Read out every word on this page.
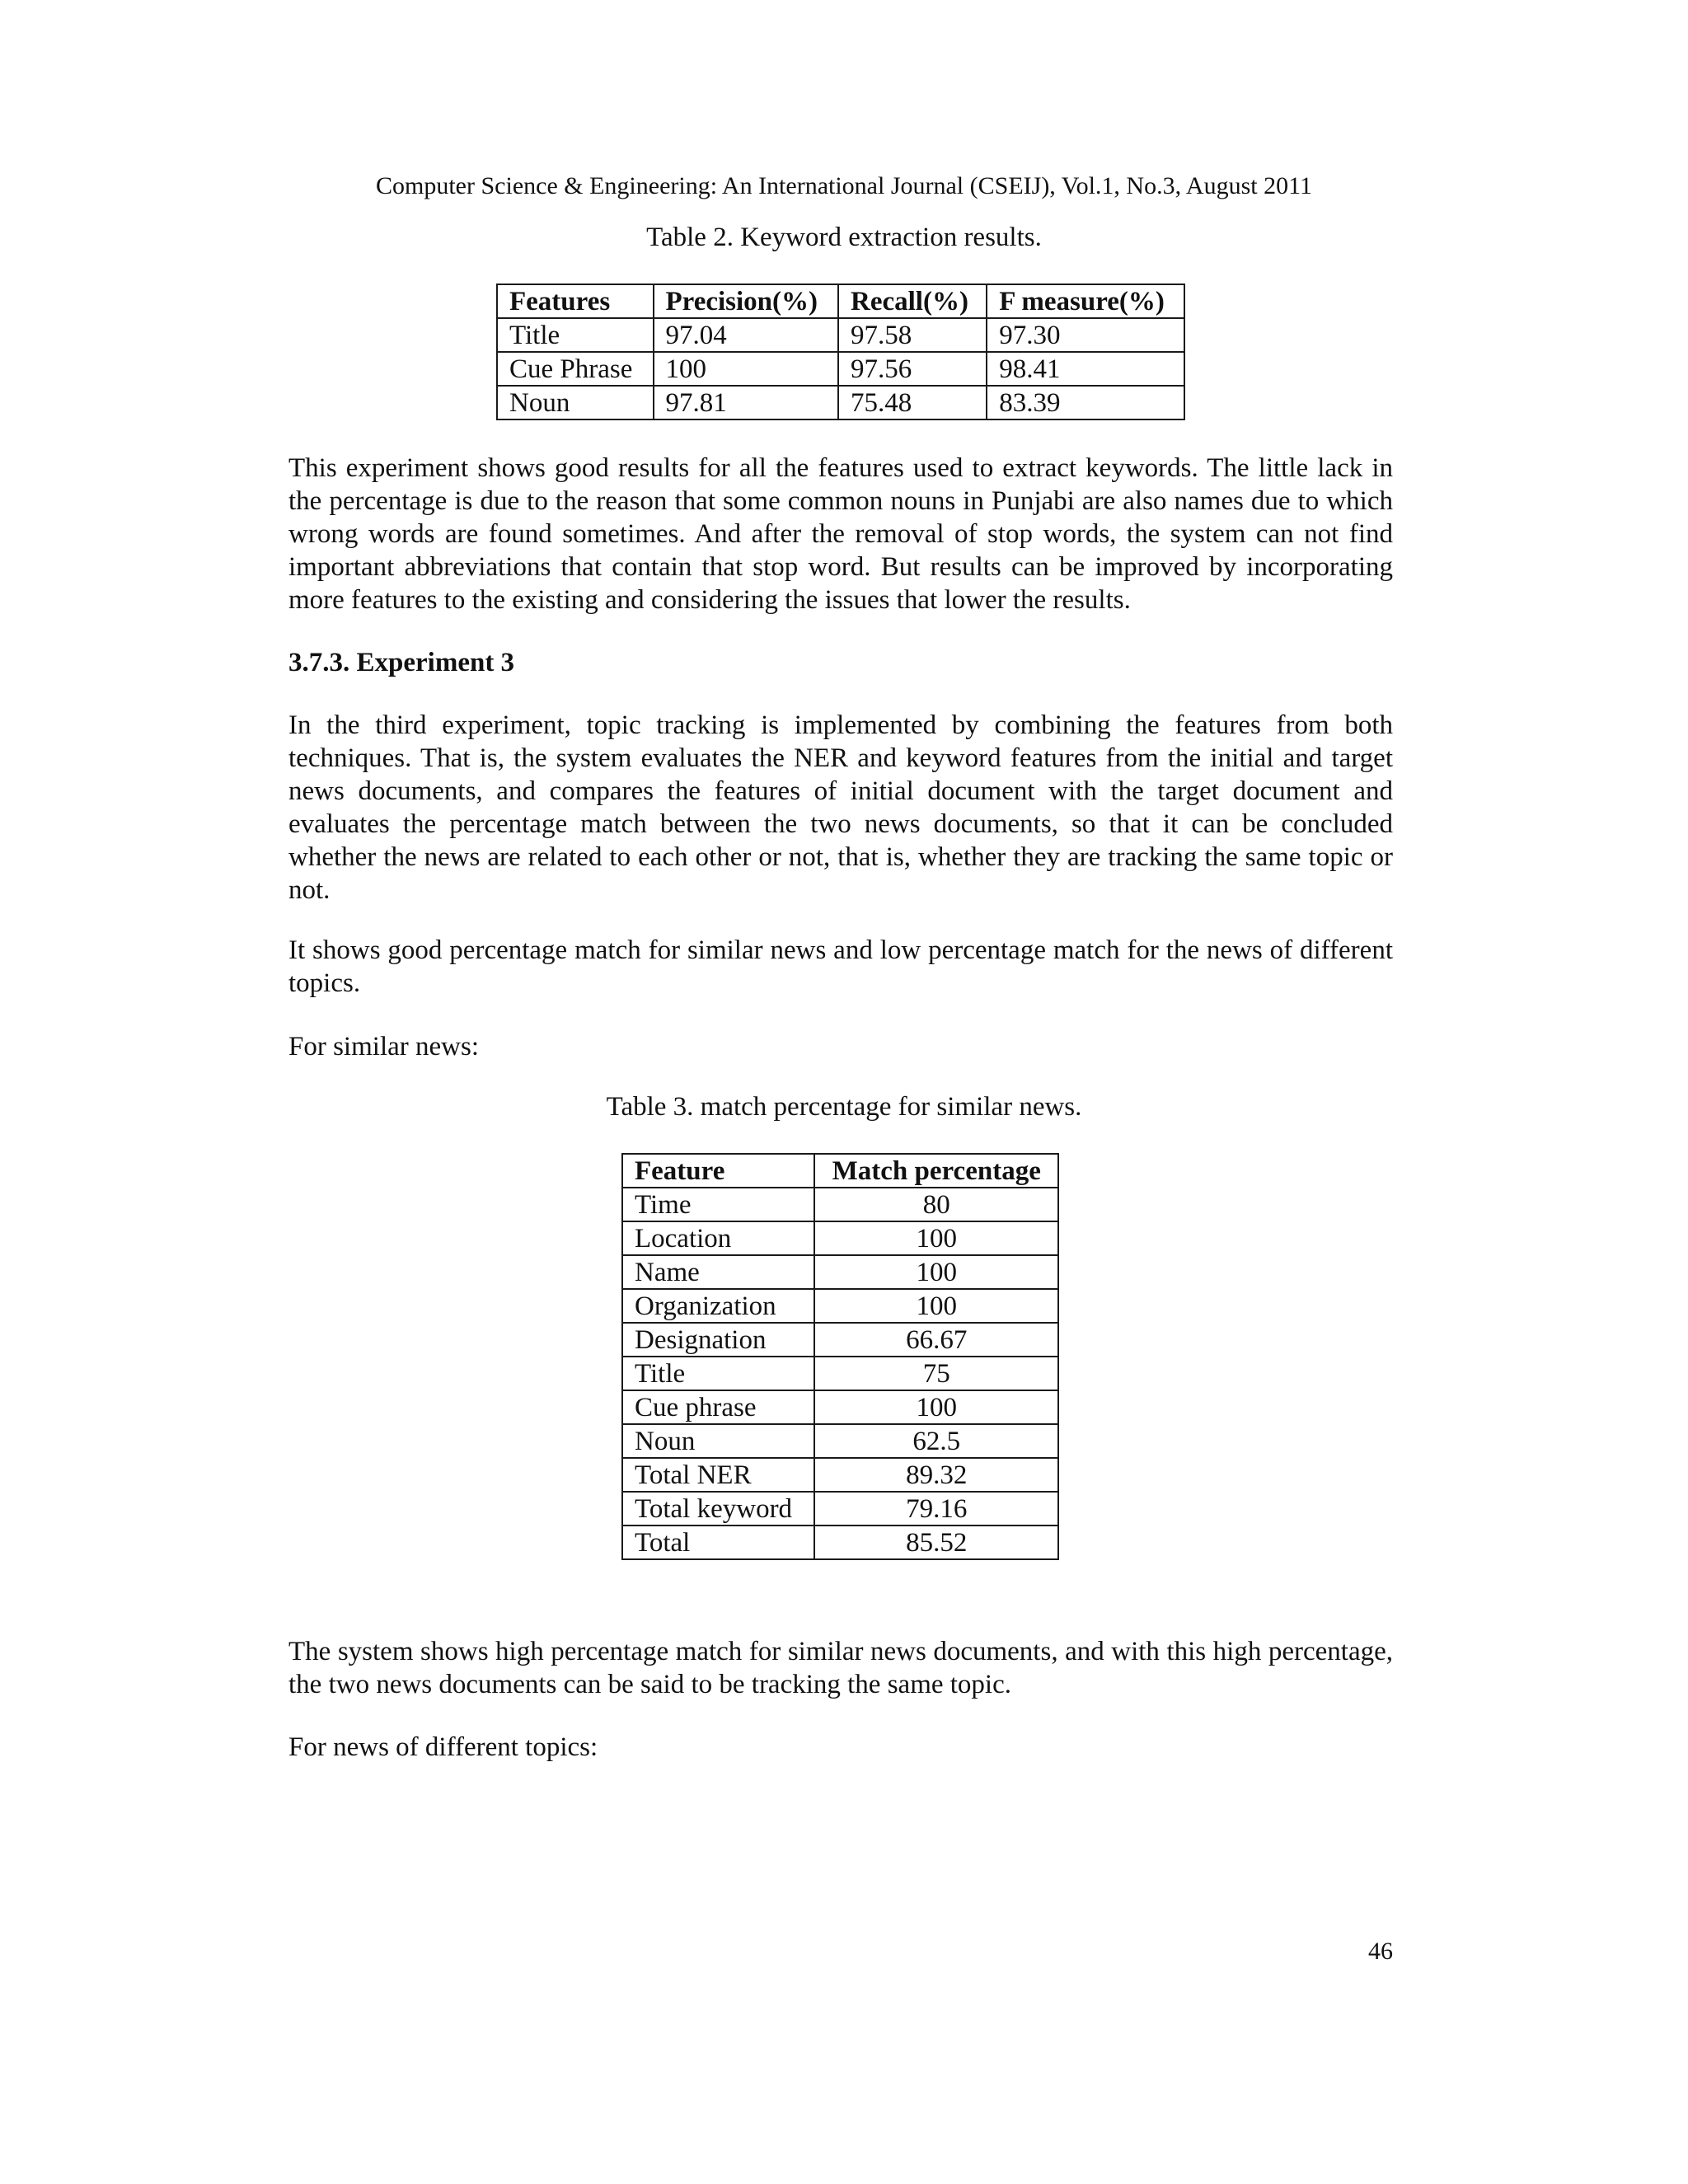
Computer Science & Engineering: An International Journal (CSEIJ), Vol.1, No.3, August 2011
Table 2. Keyword extraction results.
Features	Precision(%)	Recall(%)	F measure(%)
Title	97.04	97.58	97.30
Cue Phrase	100	97.56	98.41
Noun	97.81	75.48	83.39
This experiment shows good results for all the features used to extract keywords. The little lack in the percentage is due to the reason that some common nouns in Punjabi are also names due to which wrong words are found sometimes. And after the removal of stop words, the system can not find important abbreviations that contain that stop word. But results can be improved by incorporating more features to the existing and considering the issues that lower the results.
3.7.3. Experiment 3
In the third experiment, topic tracking is implemented by combining the features from both techniques. That is, the system evaluates the NER and keyword features from the initial and target news documents, and compares the features of initial document with the target document and evaluates the percentage match between the two news documents, so that it can be concluded whether the news are related to each other or not, that is, whether they are tracking the same topic or not.
It shows good percentage match for similar news and low percentage match for the news of different topics.
For similar news:
Table 3. match percentage for similar news.
Feature	Match percentage
Time	80
Location	100
Name	100
Organization	100
Designation	66.67
Title	75
Cue phrase	100
Noun	62.5
Total NER	89.32
Total keyword	79.16
Total	85.52
The system shows high percentage match for similar news documents, and with this high percentage, the two news documents can be said to be tracking the same topic.
For news of different topics:
46
